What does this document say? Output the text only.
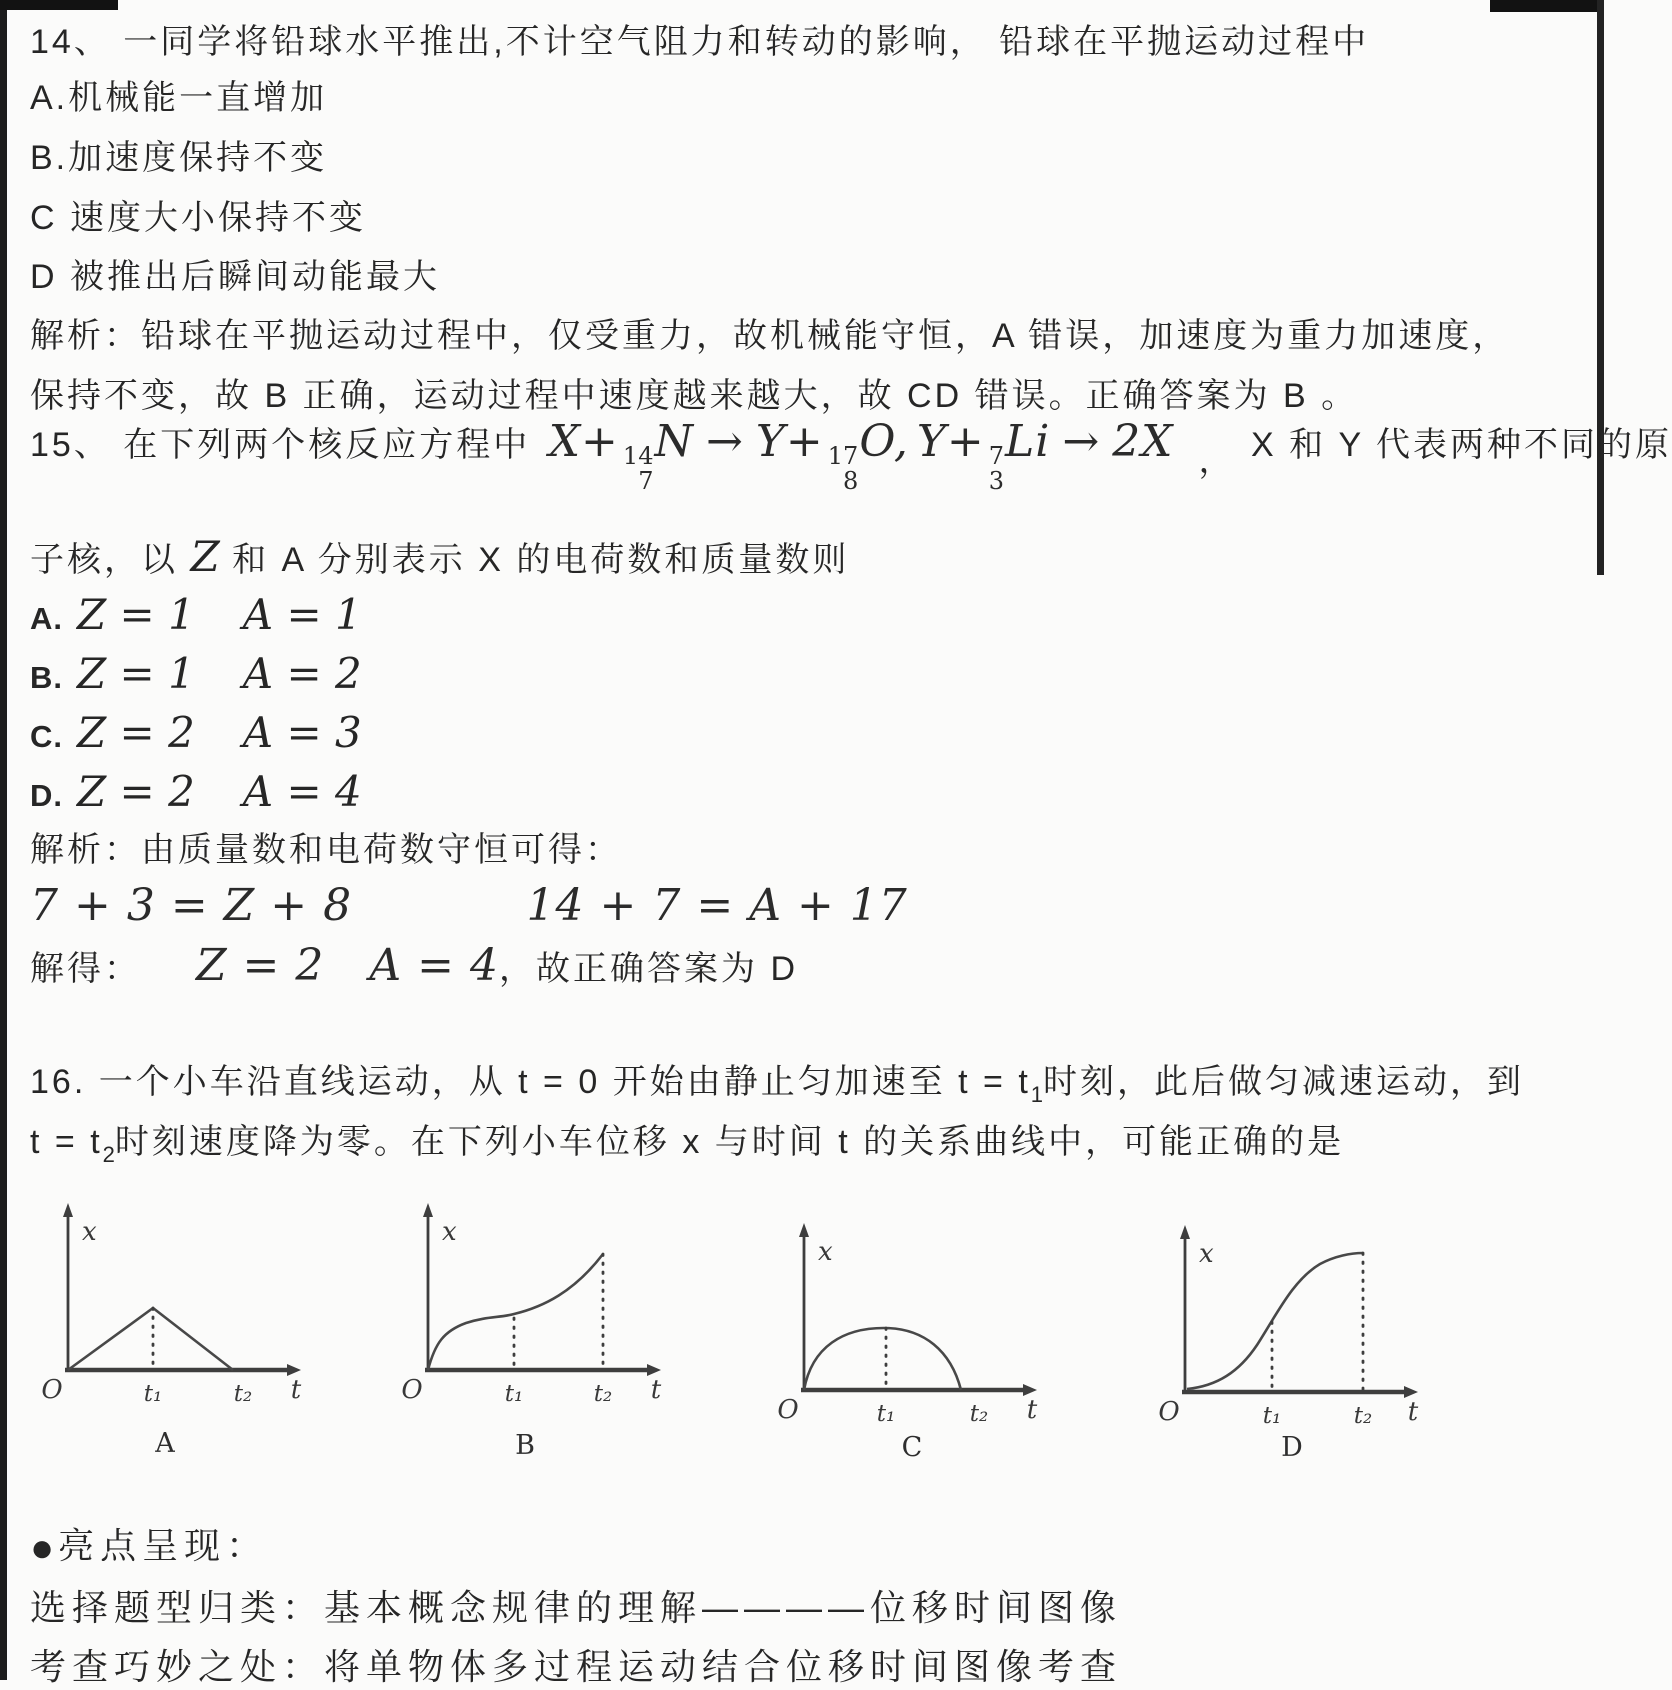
14、 一同学将铅球水平推出,不计空气阻力和转动的影响， 铅球在平抛运动过程中
A.机械能一直增加
B.加速度保持不变
C 速度大小保持不变
D 被推出后瞬间动能最大
解析：铅球在平抛运动过程中，仅受重力，故机械能守恒，A 错误，加速度为重力加速度，
保持不变，故 B 正确，运动过程中速度越来越大，故 CD 错误。正确答案为 B 。
15、 在下列两个核反应方程中 X+ 14
7
N → Y+ 17
8
O, Y+ 7
3
Li → 2X ， X 和 Y 代表两种不同的原
子核，以 Z 和 A 分别表示 X 的电荷数和质量数则
A. Z = 1 A = 1
B. Z = 1 A = 2
C. Z = 2 A = 3
D. Z = 2 A = 4
解析：由质量数和电荷数守恒可得：
7 + 3 = Z + 8	14 + 7 = A + 17
解得： Z = 2 A = 4，故正确答案为 D
16. 一个小车沿直线运动，从 t = 0 开始由静止匀加速至 $t = t_1$时刻，此后做匀减速运动，到
$t = t_2$时刻速度降为零。在下列小车位移 x 与时间 t 的关系曲线中，可能正确的是
x
O	t₁	t₂ t
x
O	t₁	t₂ t
x
O	t₁	t₂ t
x
O	t₁	t₂ t
A	B	C	D
● 亮点呈现：
选择题型归类：基本概念规律的理解————位移时间图像
考查巧妙之处：将单物体多过程运动结合位移时间图像考查
